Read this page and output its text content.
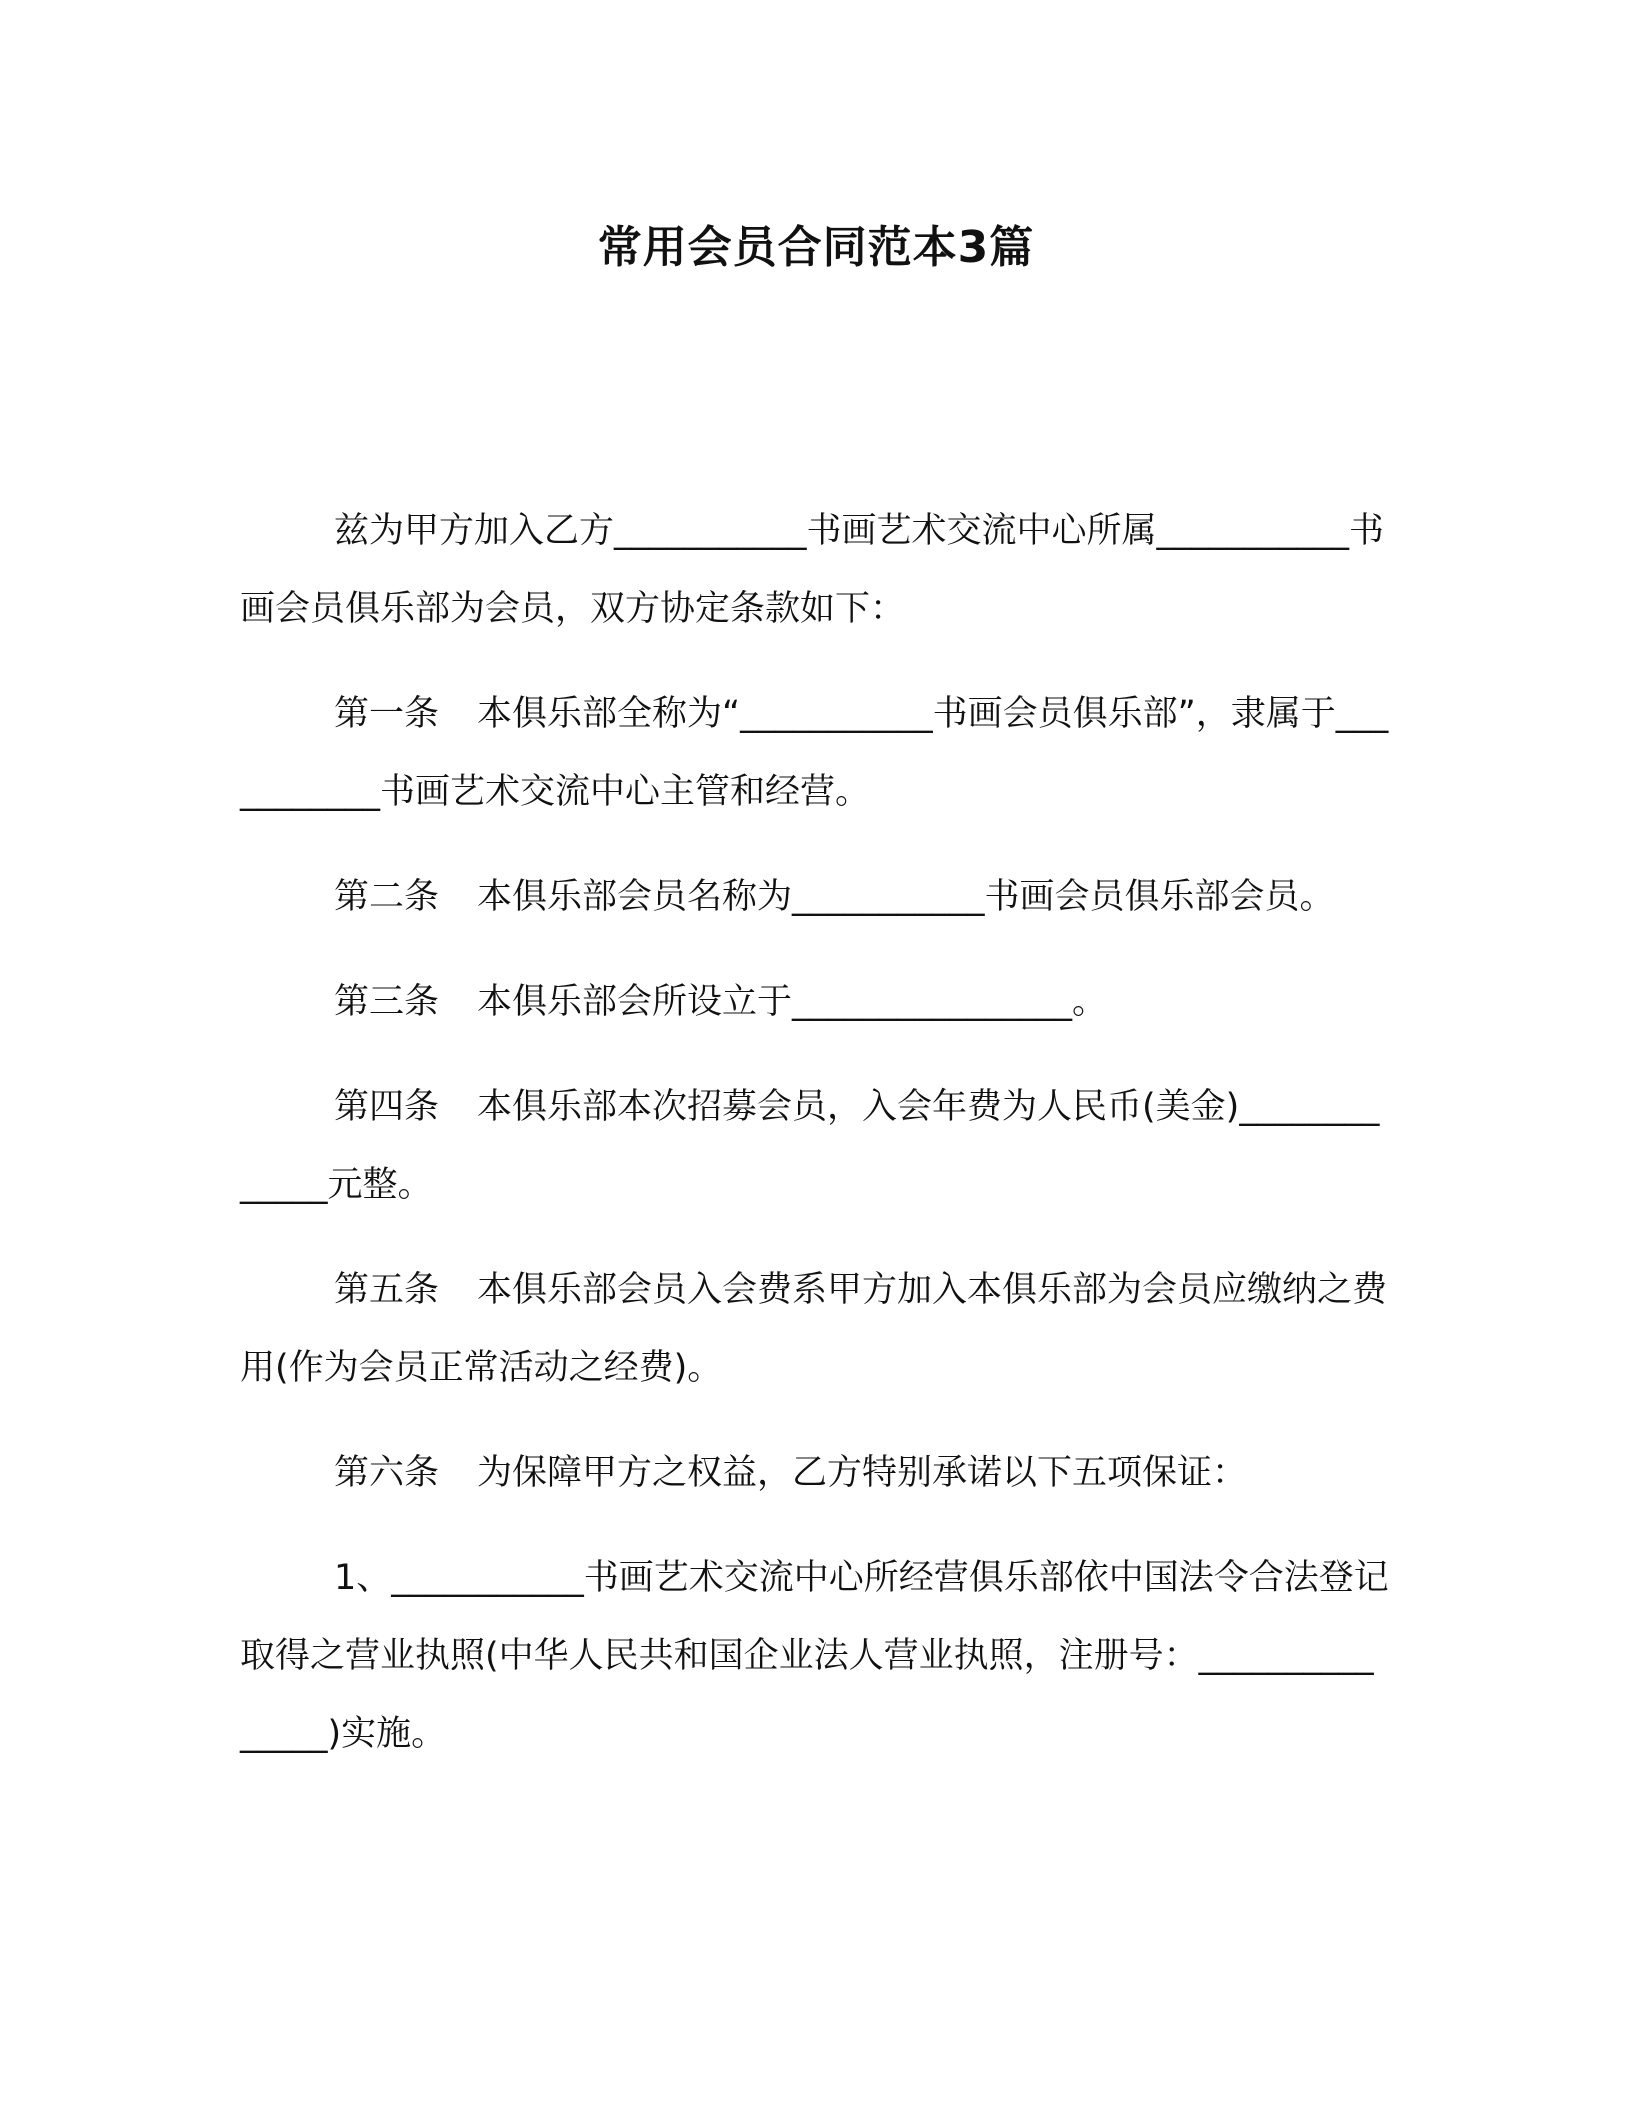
常用会员合同范本3篇

兹为甲方加入乙方___________书画艺术交流中心所属___________书画会员俱乐部为会员，双方协定条款如下：

第一条 本俱乐部全称为“___________书画会员俱乐部”，隶属于___________书画艺术交流中心主管和经营。

第二条 本俱乐部会员名称为___________书画会员俱乐部会员。

第三条 本俱乐部会所设立于________________。

第四条 本俱乐部本次招募会员，入会年费为人民币(美金)_____________元整。

第五条 本俱乐部会员入会费系甲方加入本俱乐部为会员应缴纳之费用(作为会员正常活动之经费)。

第六条 为保障甲方之权益，乙方特别承诺以下五项保证：

1、___________书画艺术交流中心所经营俱乐部依中国法令合法登记取得之营业执照(中华人民共和国企业法人营业执照，注册号：_______________)实施。
